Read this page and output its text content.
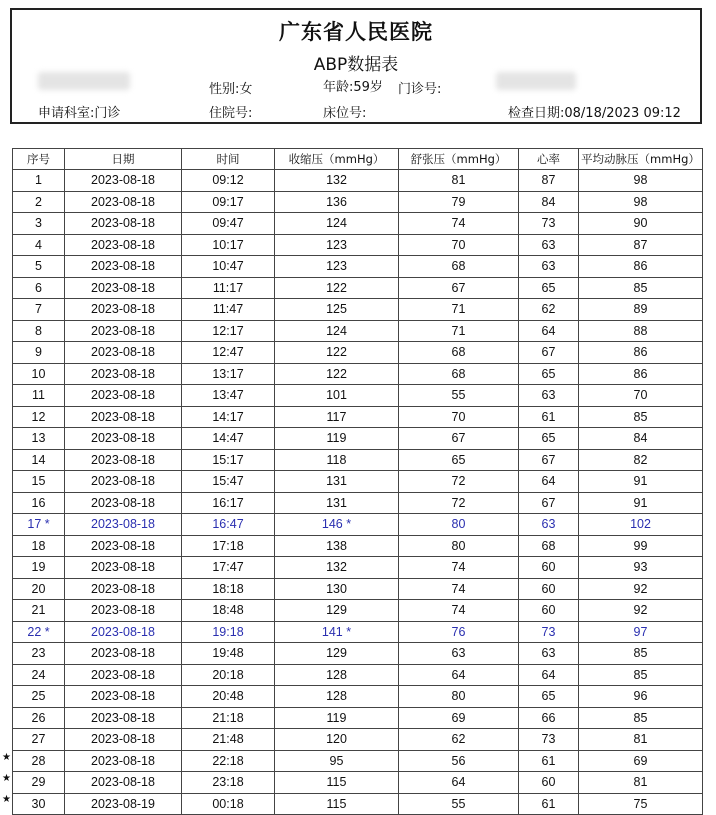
广东省人民医院
ABP数据表
性别:女	年龄:59岁 门诊号:
申请科室:门诊	住院号:	床位号:	检查日期:08/18/2023 09:12
序号	日期	时间	收缩压（mmHg）	舒张压（mmHg）	心率	平均动脉压（mmHg）
1	2023-08-18	09:12	132	81	87	98
2	2023-08-18	09:17	136	79	84	98
3	2023-08-18	09:47	124	74	73	90
4	2023-08-18	10:17	123	70	63	87
5	2023-08-18	10:47	123	68	63	86
6	2023-08-18	11:17	122	67	65	85
7	2023-08-18	11:47	125	71	62	89
8	2023-08-18	12:17	124	71	64	88
9	2023-08-18	12:47	122	68	67	86
10	2023-08-18	13:17	122	68	65	86
11	2023-08-18	13:47	101	55	63	70
12	2023-08-18	14:17	117	70	61	85
13	2023-08-18	14:47	119	67	65	84
14	2023-08-18	15:17	118	65	67	82
15	2023-08-18	15:47	131	72	64	91
16	2023-08-18	16:17	131	72	67	91
17 *	2023-08-18	16:47	146 *	80	63	102
18	2023-08-18	17:18	138	80	68	99
19	2023-08-18	17:47	132	74	60	93
20	2023-08-18	18:18	130	74	60	92
21	2023-08-18	18:48	129	74	60	92
22 *	2023-08-18	19:18	141 *	76	73	97
23	2023-08-18	19:48	129	63	63	85
24	2023-08-18	20:18	128	64	64	85
25	2023-08-18	20:48	128	80	65	96
26	2023-08-18	21:18	119	69	66	85
27	2023-08-18	21:48	120	62	73	81
28	2023-08-18	22:18	95	56	61	69
29	2023-08-18	23:18	115	64	60	81
30	2023-08-19	00:18	115	55	61	75
★
★
★
